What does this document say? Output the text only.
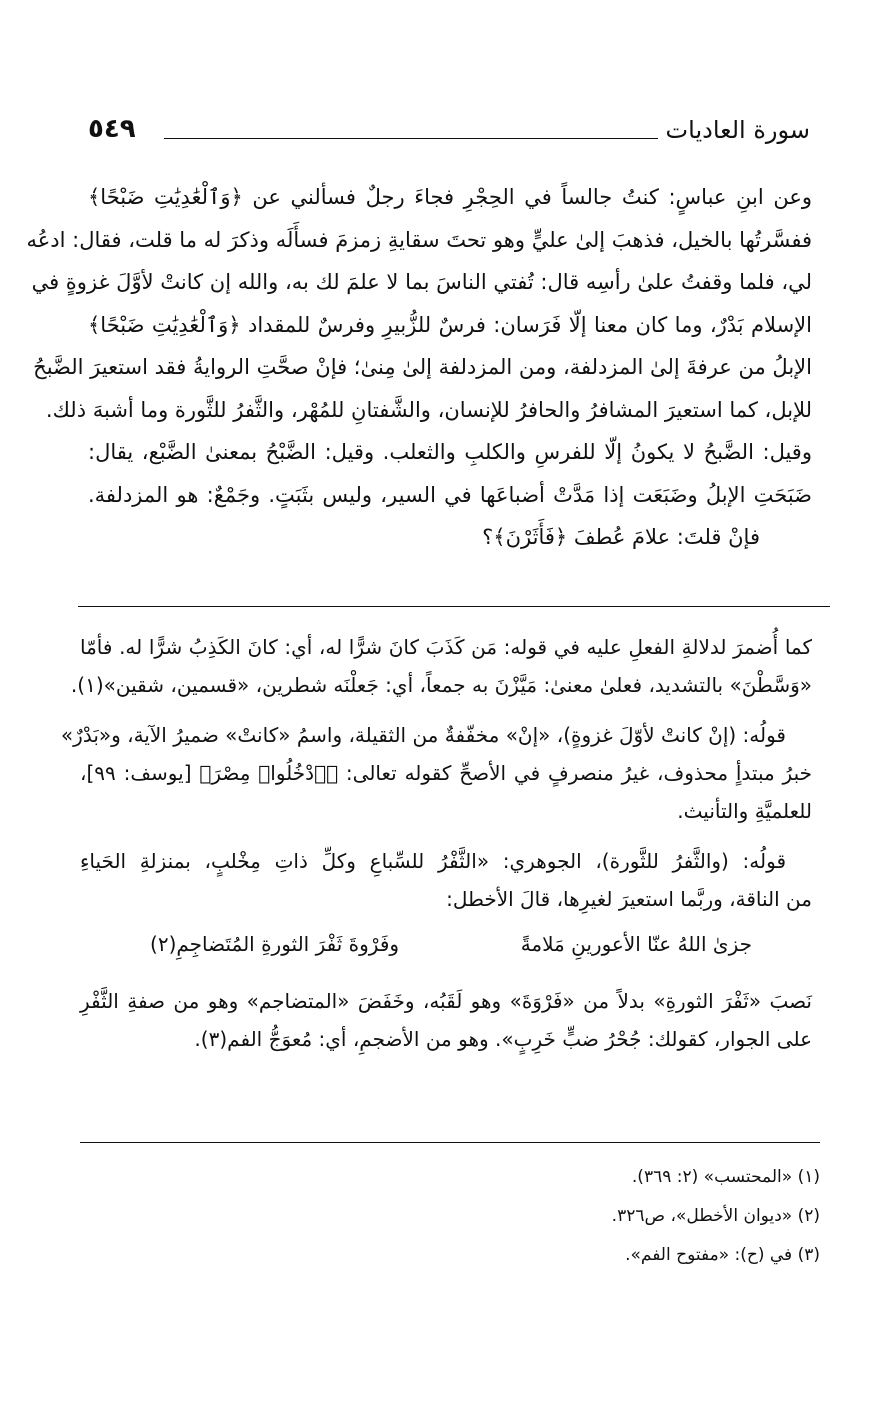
سورة العاديات
٥٤٩
وعن ابنِ عباسٍ: كنتُ جالساً في الحِجْرِ فجاءَ رجلٌ فسألني عن ﴿وَٱلْعَٰدِيَٰتِ ضَبْحًا﴾
ففسَّرتُها بالخيل، فذهبَ إلىٰ عليٍّ وهو تحتَ سقايةِ زمزمَ فسأَلَه وذكرَ له ما قلت، فقال: ادعُه
لي، فلما وقفتُ علىٰ رأسِه قال: تُفتي الناسَ بما لا علمَ لك به، والله إن كانتْ لأوَّلَ غزوةٍ في
الإسلام بَدْرٌ، وما كان معنا إلّا فَرَسان: فرسٌ للزُّبيرِ وفرسٌ للمقداد ﴿وَٱلْعَٰدِيَٰتِ ضَبْحًا﴾
الإبلُ من عرفةَ إلىٰ المزدلفة، ومن المزدلفة إلىٰ مِنىٰ؛ فإنْ صحَّتِ الروايةُ فقد استعيرَ الضَّبحُ
للإبل، كما استعيرَ المشافرُ والحافرُ للإنسان، والشَّفتانِ للمُهْر، والثَّفرُ للثَّورة وما أشبهَ ذلك.
وقيل: الضَّبحُ لا يكونُ إلّا للفرسِ والكلبِ والثعلب. وقيل: الضَّبْحُ بمعنىٰ الضَّبْع، يقال:
ضَبَحَتِ الإبلُ وضَبَعَت إذا مَدَّتْ أضباعَها في السير، وليس بثَبَتٍ. وجَمْعٌ: هو المزدلفة.
فإنْ قلتَ: علامَ عُطفَ ﴿فَأَثَرْنَ﴾؟
كما أُضمرَ لدلالةِ الفعلِ عليه في قوله: مَن كَذَبَ كانَ شرًّا له، أي: كانَ الكَذِبُ شرًّا له. فأمّا
«وَسَّطْنَ» بالتشديد، فعلىٰ معنىٰ: مَيَّزْنَ به جمعاً، أي: جَعلْنَه شطرين، «قسمين، شقين»(١).
قولُه: (إنْ كانتْ لأوّلَ غزوةٍ)، «إنْ» مخفّفةٌ من الثقيلة، واسمُ «كانتْ» ضميرُ الآية، و«بَدْرٌ»
خبرُ مبتدأٍ محذوف، غيرُ منصرفٍ في الأصحِّ كقوله تعالى: ﴿ٱدْخُلُوا۟ مِصْرَ﴾ [يوسف: ٩٩]،
للعلميَّةِ والتأنيث.
قولُه: (والثَّفرُ للثَّورة)، الجوهري: «الثَّفْرُ للسِّباعِ وكلِّ ذاتِ مِخْلبٍ، بمنزلةِ الحَياءِ
من الناقة، وربَّما استعيرَ لغيرِها، قالَ الأخطل:
جزىٰ اللهُ عنّا الأعورينِ مَلامةً
وفَرْوةَ ثَفْرَ الثورةِ المُتَضاجِمِ(٢)
نَصبَ «ثَفْرَ الثورةِ» بدلاً من «فَرْوَةَ» وهو لَقَبُه، وخَفَضَ «المتضاجم» وهو من صفةِ الثَّفْرِ
على الجوار، كقولك: جُحْرُ ضبٍّ خَرِبٍ». وهو من الأضجمِ، أي: مُعوَجُّ الفم(٣).
(١) «المحتسب» (٢: ٣٦٩).
(٢) «ديوان الأخطل»، ص٣٢٦.
(٣) في (ح): «مفتوح الفم».
